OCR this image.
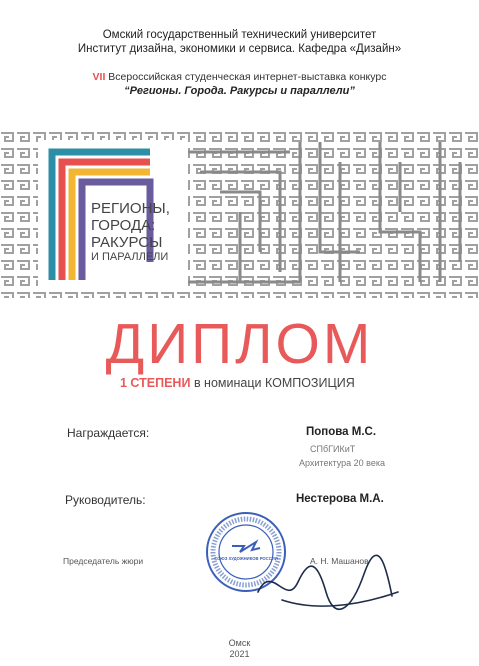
Омский государственный технический университет
Институт дизайна, экономики и сервиса. Кафедра «Дизайн»
VII Всероссийская студенческая интернет-выставка конкурс
“Регионы. Города. Ракурсы и параллели”
РЕГИОНЫ,
ГОРОДА:
РАКУРСЫ
И ПАРАЛЛЕЛИ
ДИПЛОМ
1 СТЕПЕНИ в номинаци КОМПОЗИЦИЯ
Награждается:	Попова М.С.
СПбГИКиТ
Архитектура 20 века
Руководитель:	Нестерова М.А.
Председатель жюри	А. Н. Машанов
СОЮЗ ХУДОЖНИКОВ РОССИИ
Омск
2021
